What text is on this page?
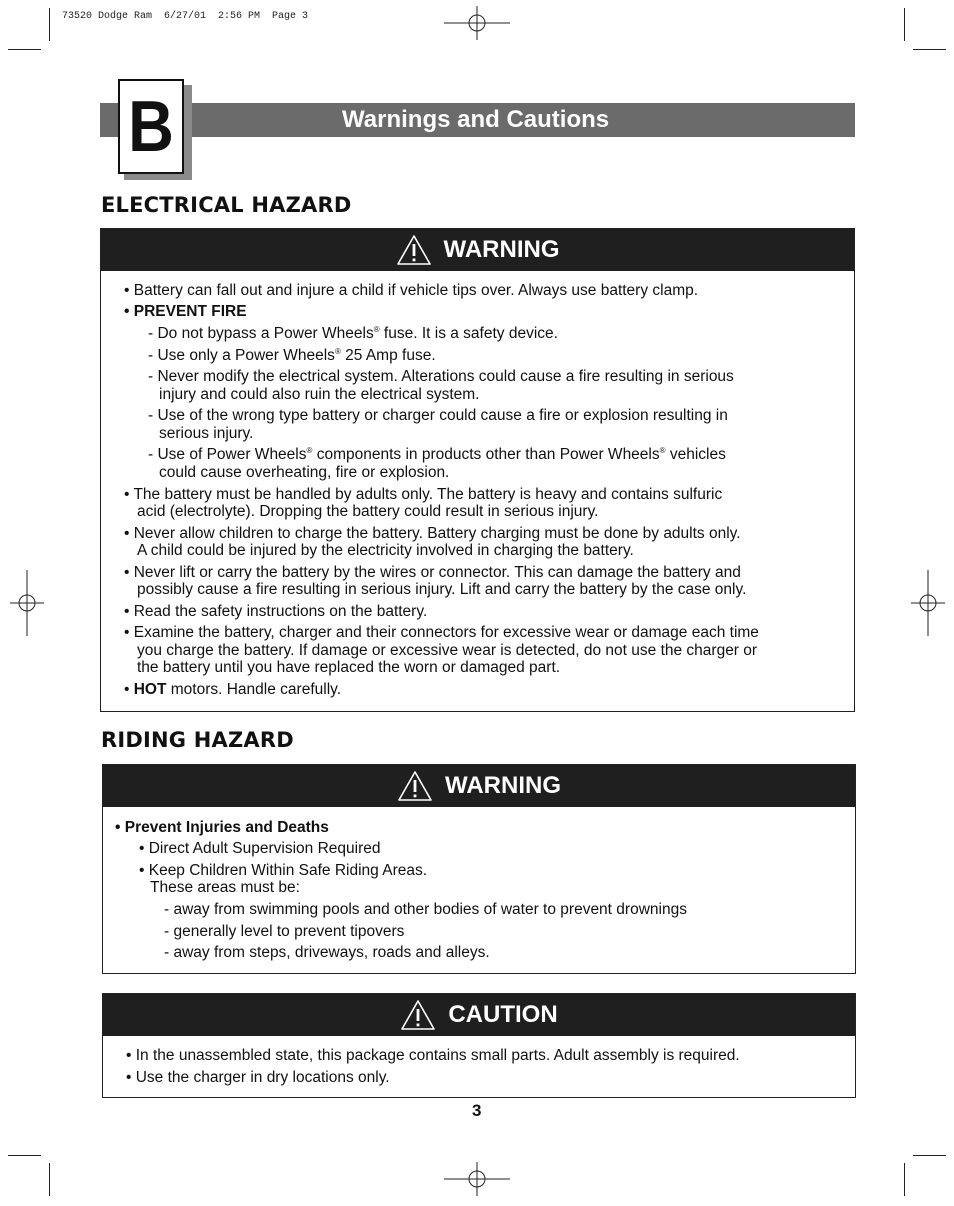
73520 Dodge Ram  6/27/01  2:56 PM  Page 3
B	Warnings and Cautions
ELECTRICAL HAZARD
WARNING
• Battery can fall out and injure a child if vehicle tips over. Always use battery clamp.
• PREVENT FIRE
- Do not bypass a Power Wheels® fuse. It is a safety device.
- Use only a Power Wheels® 25 Amp fuse.
- Never modify the electrical system. Alterations could cause a fire resulting in serious
injury and could also ruin the electrical system.
- Use of the wrong type battery or charger could cause a fire or explosion resulting in
serious injury.
- Use of Power Wheels® components in products other than Power Wheels® vehicles
could cause overheating, fire or explosion.
• The battery must be handled by adults only. The battery is heavy and contains sulfuric
acid (electrolyte). Dropping the battery could result in serious injury.
• Never allow children to charge the battery. Battery charging must be done by adults only.
A child could be injured by the electricity involved in charging the battery.
• Never lift or carry the battery by the wires or connector. This can damage the battery and
possibly cause a fire resulting in serious injury. Lift and carry the battery by the case only.
• Read the safety instructions on the battery.
• Examine the battery, charger and their connectors for excessive wear or damage each time
you charge the battery. If damage or excessive wear is detected, do not use the charger or
the battery until you have replaced the worn or damaged part.
• HOT motors. Handle carefully.
RIDING HAZARD
WARNING
• Prevent Injuries and Deaths
• Direct Adult Supervision Required
• Keep Children Within Safe Riding Areas.
These areas must be:
- away from swimming pools and other bodies of water to prevent drownings
- generally level to prevent tipovers
- away from steps, driveways, roads and alleys.
CAUTION
• In the unassembled state, this package contains small parts. Adult assembly is required.
• Use the charger in dry locations only.
3
